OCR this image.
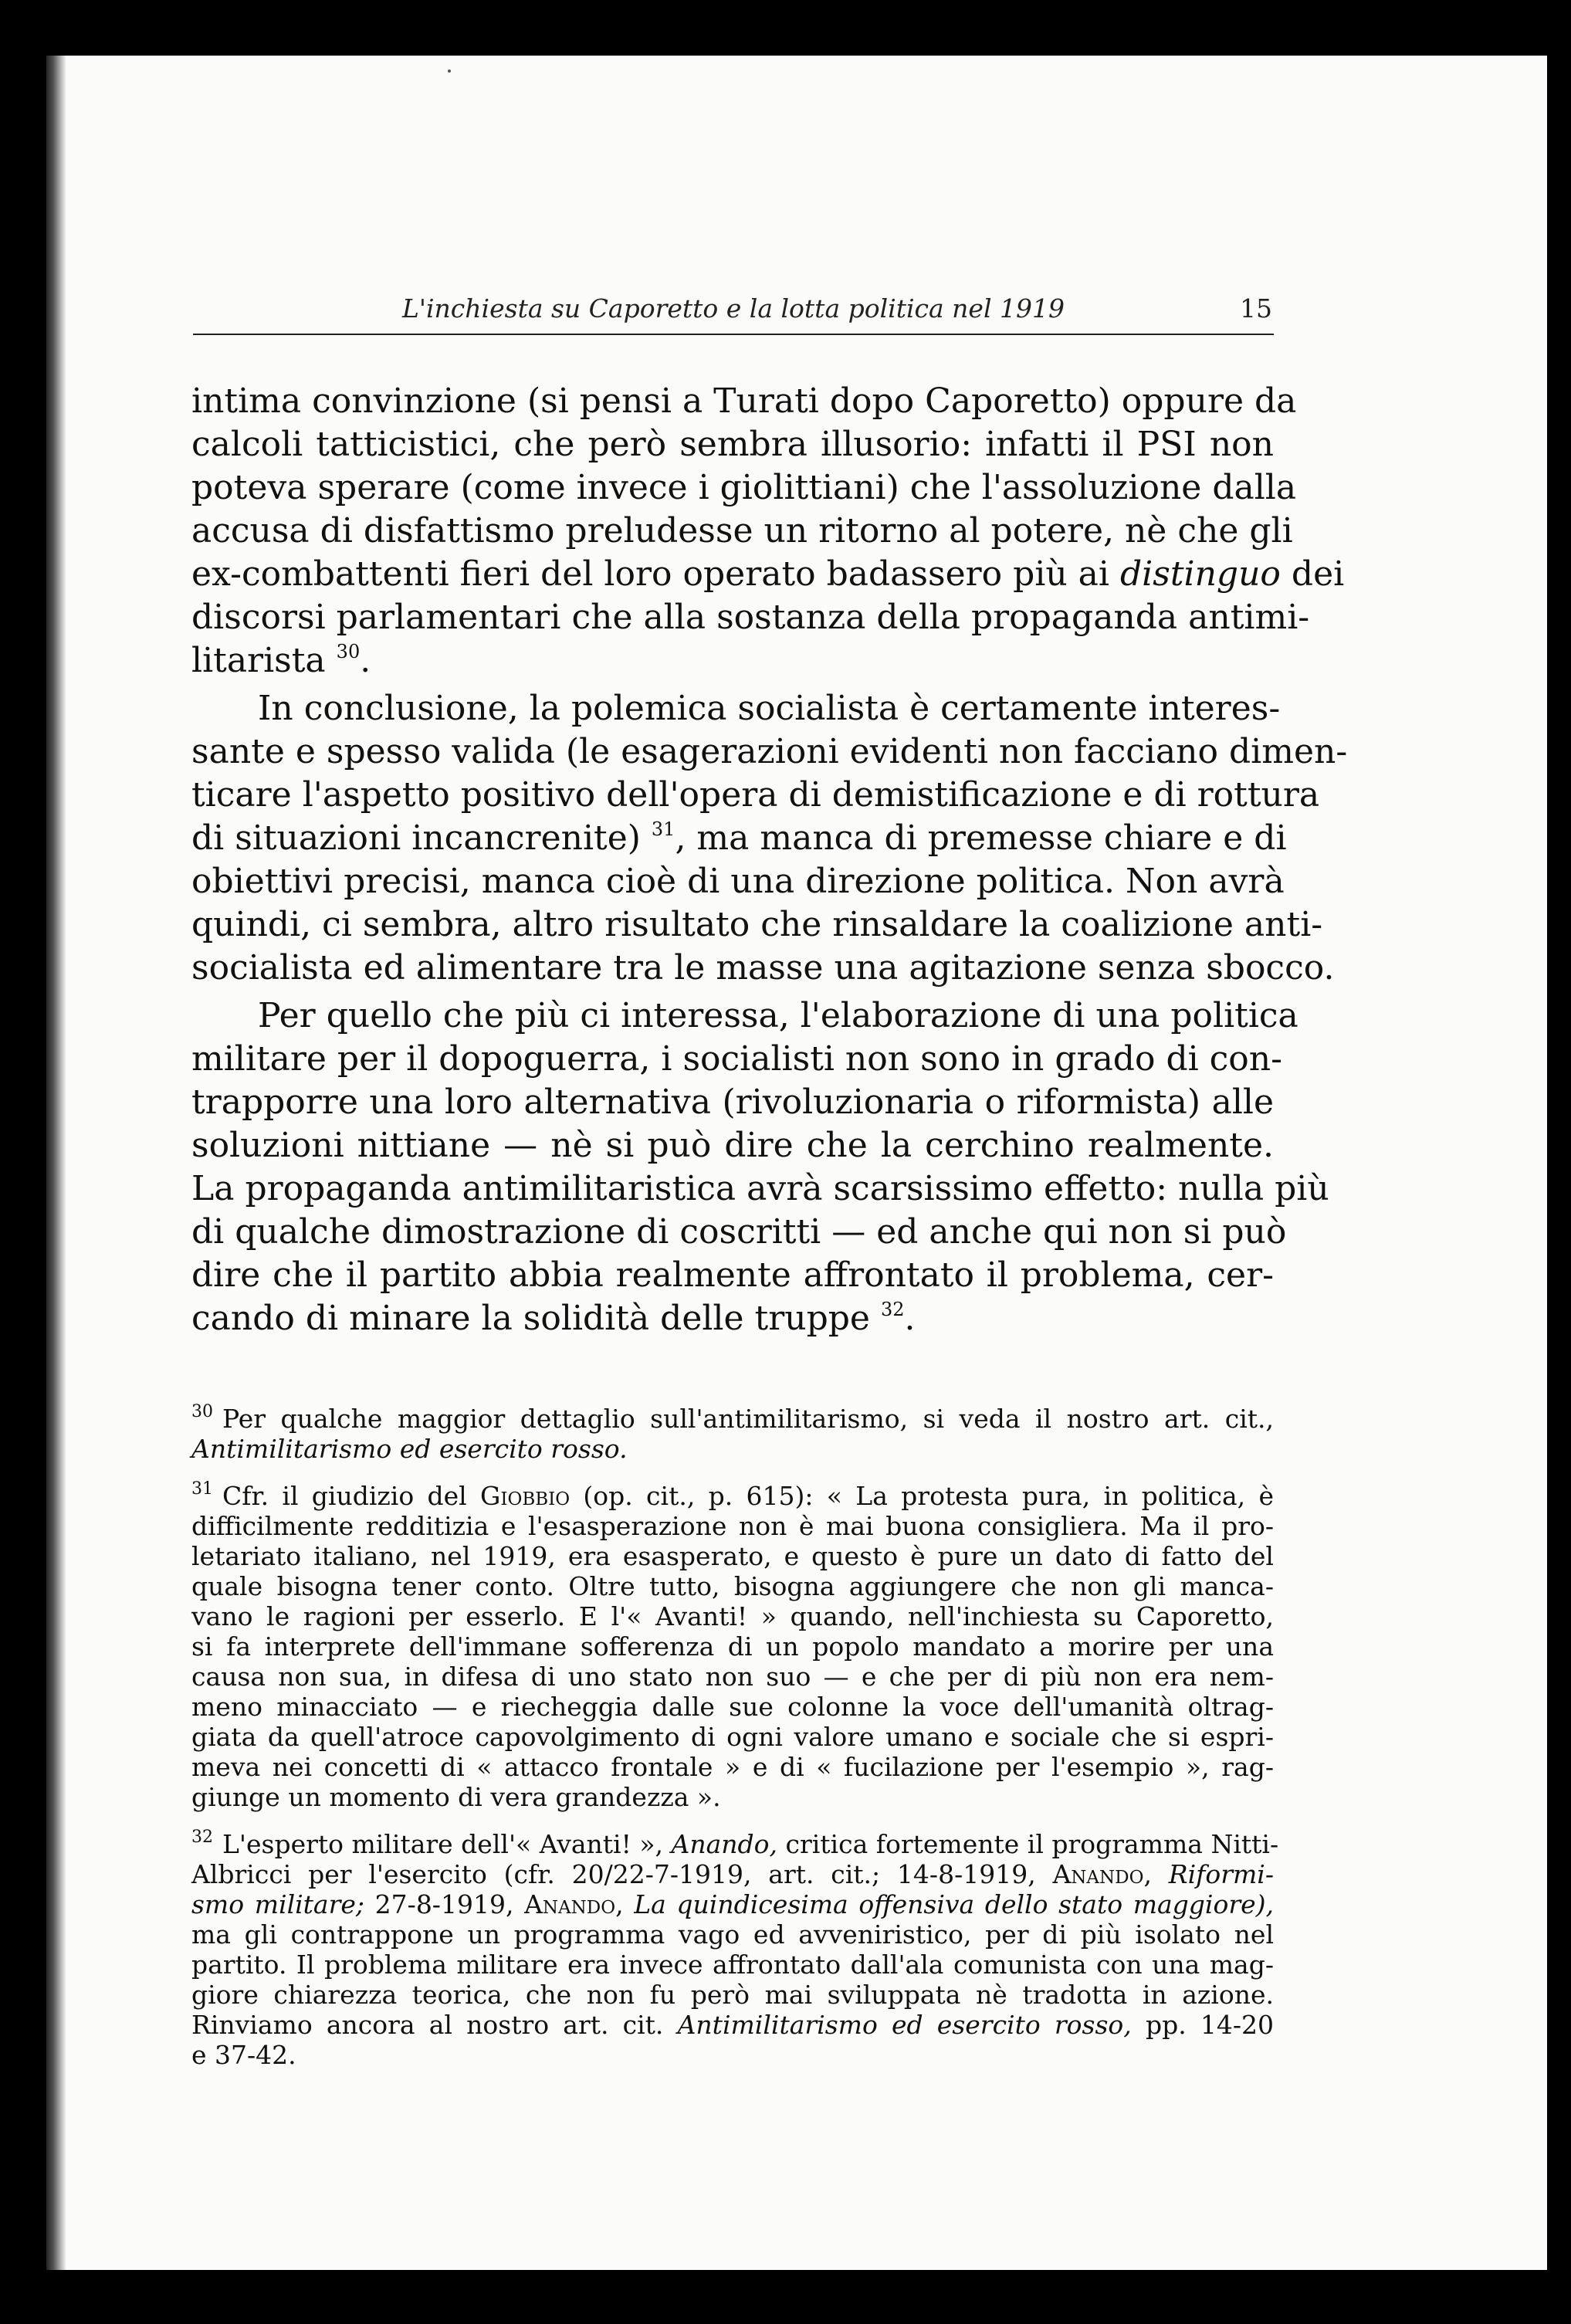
L'inchiesta su Caporetto e la lotta politica nel 1919	15
intima convinzione (si pensi a Turati dopo Caporetto) oppure da
calcoli tatticistici, che però sembra illusorio: infatti il PSI non
poteva sperare (come invece i giolittiani) che l'assoluzione dalla
accusa di disfattismo preludesse un ritorno al potere, nè che gli
ex-combattenti fieri del loro operato badassero più ai distinguo dei
discorsi parlamentari che alla sostanza della propaganda antimi-
litarista $^{30}$.
In conclusione, la polemica socialista è certamente interes-
sante e spesso valida (le esagerazioni evidenti non facciano dimen-
ticare l'aspetto positivo dell'opera di demistificazione e di rottura
di situazioni incancrenite) $^{31}$, ma manca di premesse chiare e di
obiettivi precisi, manca cioè di una direzione politica. Non avrà
quindi, ci sembra, altro risultato che rinsaldare la coalizione anti-
socialista ed alimentare tra le masse una agitazione senza sbocco.
Per quello che più ci interessa, l'elaborazione di una politica
militare per il dopoguerra, i socialisti non sono in grado di con-
trapporre una loro alternativa (rivoluzionaria o riformista) alle
soluzioni nittiane — nè si può dire che la cerchino realmente.
La propaganda antimilitaristica avrà scarsissimo effetto: nulla più
di qualche dimostrazione di coscritti — ed anche qui non si può
dire che il partito abbia realmente affrontato il problema, cer-
cando di minare la solidità delle truppe $^{32}$.
30 Per qualche maggior dettaglio sull'antimilitarismo, si veda il nostro art. cit.,
Antimilitarismo ed esercito rosso.
31 Cfr. il giudizio del Giobbio (op. cit., p. 615): « La protesta pura, in politica, è
difficilmente redditizia e l'esasperazione non è mai buona consigliera. Ma il pro-
letariato italiano, nel 1919, era esasperato, e questo è pure un dato di fatto del
quale bisogna tener conto. Oltre tutto, bisogna aggiungere che non gli manca-
vano le ragioni per esserlo. E l'« Avanti! » quando, nell'inchiesta su Caporetto,
si fa interprete dell'immane sofferenza di un popolo mandato a morire per una
causa non sua, in difesa di uno stato non suo — e che per di più non era nem-
meno minacciato — e riecheggia dalle sue colonne la voce dell'umanità oltrag-
giata da quell'atroce capovolgimento di ogni valore umano e sociale che si espri-
meva nei concetti di « attacco frontale » e di « fucilazione per l'esempio », rag-
giunge un momento di vera grandezza ».
32 L'esperto militare dell'« Avanti! », Anando, critica fortemente il programma Nitti-
Albricci per l'esercito (cfr. 20/22-7-1919, art. cit.; 14-8-1919, Anando, Riformi-
smo militare; 27-8-1919, Anando, La quindicesima offensiva dello stato maggiore),
ma gli contrappone un programma vago ed avveniristico, per di più isolato nel
partito. Il problema militare era invece affrontato dall'ala comunista con una mag-
giore chiarezza teorica, che non fu però mai sviluppata nè tradotta in azione.
Rinviamo ancora al nostro art. cit. Antimilitarismo ed esercito rosso, pp. 14-20
e 37-42.
